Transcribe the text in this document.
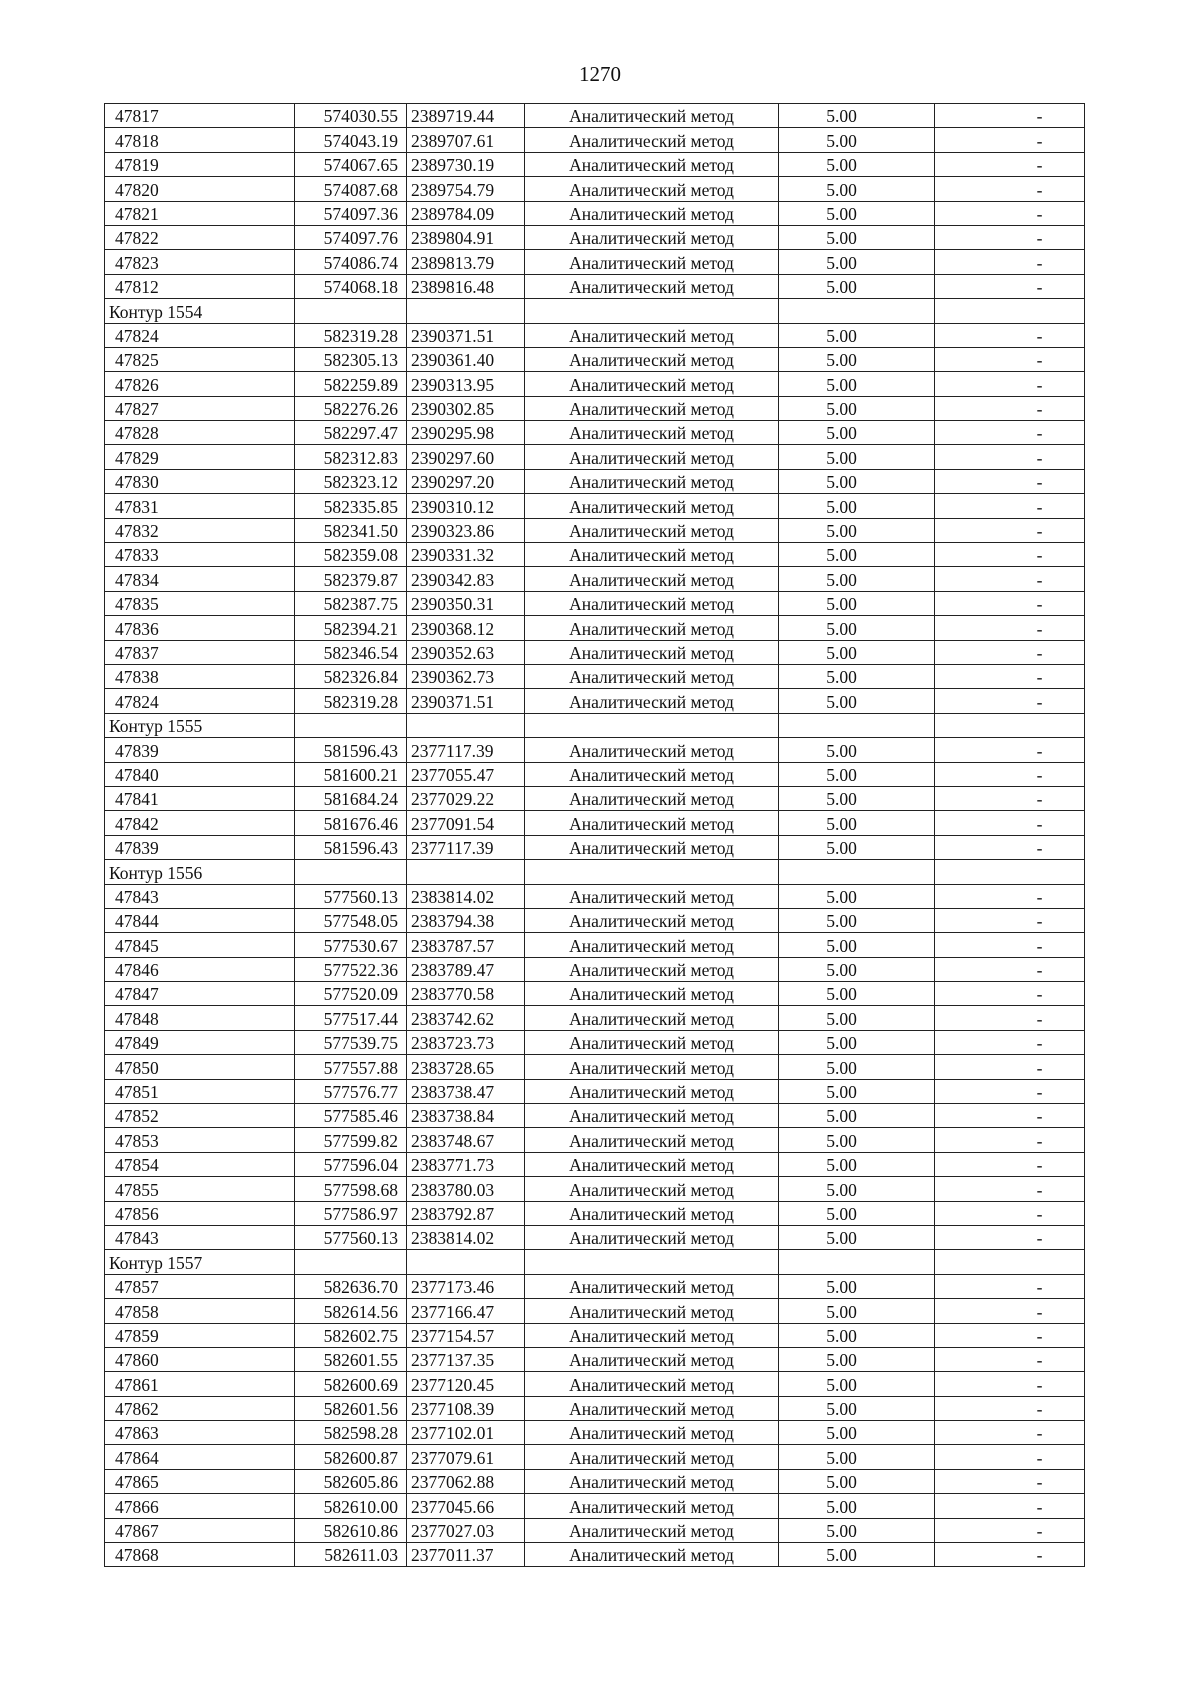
1270
47817	574030.55	2389719.44	Аналитический метод	5.00	-
47818	574043.19	2389707.61	Аналитический метод	5.00	-
47819	574067.65	2389730.19	Аналитический метод	5.00	-
47820	574087.68	2389754.79	Аналитический метод	5.00	-
47821	574097.36	2389784.09	Аналитический метод	5.00	-
47822	574097.76	2389804.91	Аналитический метод	5.00	-
47823	574086.74	2389813.79	Аналитический метод	5.00	-
47812	574068.18	2389816.48	Аналитический метод	5.00	-
Контур 1554					
47824	582319.28	2390371.51	Аналитический метод	5.00	-
47825	582305.13	2390361.40	Аналитический метод	5.00	-
47826	582259.89	2390313.95	Аналитический метод	5.00	-
47827	582276.26	2390302.85	Аналитический метод	5.00	-
47828	582297.47	2390295.98	Аналитический метод	5.00	-
47829	582312.83	2390297.60	Аналитический метод	5.00	-
47830	582323.12	2390297.20	Аналитический метод	5.00	-
47831	582335.85	2390310.12	Аналитический метод	5.00	-
47832	582341.50	2390323.86	Аналитический метод	5.00	-
47833	582359.08	2390331.32	Аналитический метод	5.00	-
47834	582379.87	2390342.83	Аналитический метод	5.00	-
47835	582387.75	2390350.31	Аналитический метод	5.00	-
47836	582394.21	2390368.12	Аналитический метод	5.00	-
47837	582346.54	2390352.63	Аналитический метод	5.00	-
47838	582326.84	2390362.73	Аналитический метод	5.00	-
47824	582319.28	2390371.51	Аналитический метод	5.00	-
Контур 1555					
47839	581596.43	2377117.39	Аналитический метод	5.00	-
47840	581600.21	2377055.47	Аналитический метод	5.00	-
47841	581684.24	2377029.22	Аналитический метод	5.00	-
47842	581676.46	2377091.54	Аналитический метод	5.00	-
47839	581596.43	2377117.39	Аналитический метод	5.00	-
Контур 1556					
47843	577560.13	2383814.02	Аналитический метод	5.00	-
47844	577548.05	2383794.38	Аналитический метод	5.00	-
47845	577530.67	2383787.57	Аналитический метод	5.00	-
47846	577522.36	2383789.47	Аналитический метод	5.00	-
47847	577520.09	2383770.58	Аналитический метод	5.00	-
47848	577517.44	2383742.62	Аналитический метод	5.00	-
47849	577539.75	2383723.73	Аналитический метод	5.00	-
47850	577557.88	2383728.65	Аналитический метод	5.00	-
47851	577576.77	2383738.47	Аналитический метод	5.00	-
47852	577585.46	2383738.84	Аналитический метод	5.00	-
47853	577599.82	2383748.67	Аналитический метод	5.00	-
47854	577596.04	2383771.73	Аналитический метод	5.00	-
47855	577598.68	2383780.03	Аналитический метод	5.00	-
47856	577586.97	2383792.87	Аналитический метод	5.00	-
47843	577560.13	2383814.02	Аналитический метод	5.00	-
Контур 1557					
47857	582636.70	2377173.46	Аналитический метод	5.00	-
47858	582614.56	2377166.47	Аналитический метод	5.00	-
47859	582602.75	2377154.57	Аналитический метод	5.00	-
47860	582601.55	2377137.35	Аналитический метод	5.00	-
47861	582600.69	2377120.45	Аналитический метод	5.00	-
47862	582601.56	2377108.39	Аналитический метод	5.00	-
47863	582598.28	2377102.01	Аналитический метод	5.00	-
47864	582600.87	2377079.61	Аналитический метод	5.00	-
47865	582605.86	2377062.88	Аналитический метод	5.00	-
47866	582610.00	2377045.66	Аналитический метод	5.00	-
47867	582610.86	2377027.03	Аналитический метод	5.00	-
47868	582611.03	2377011.37	Аналитический метод	5.00	-
